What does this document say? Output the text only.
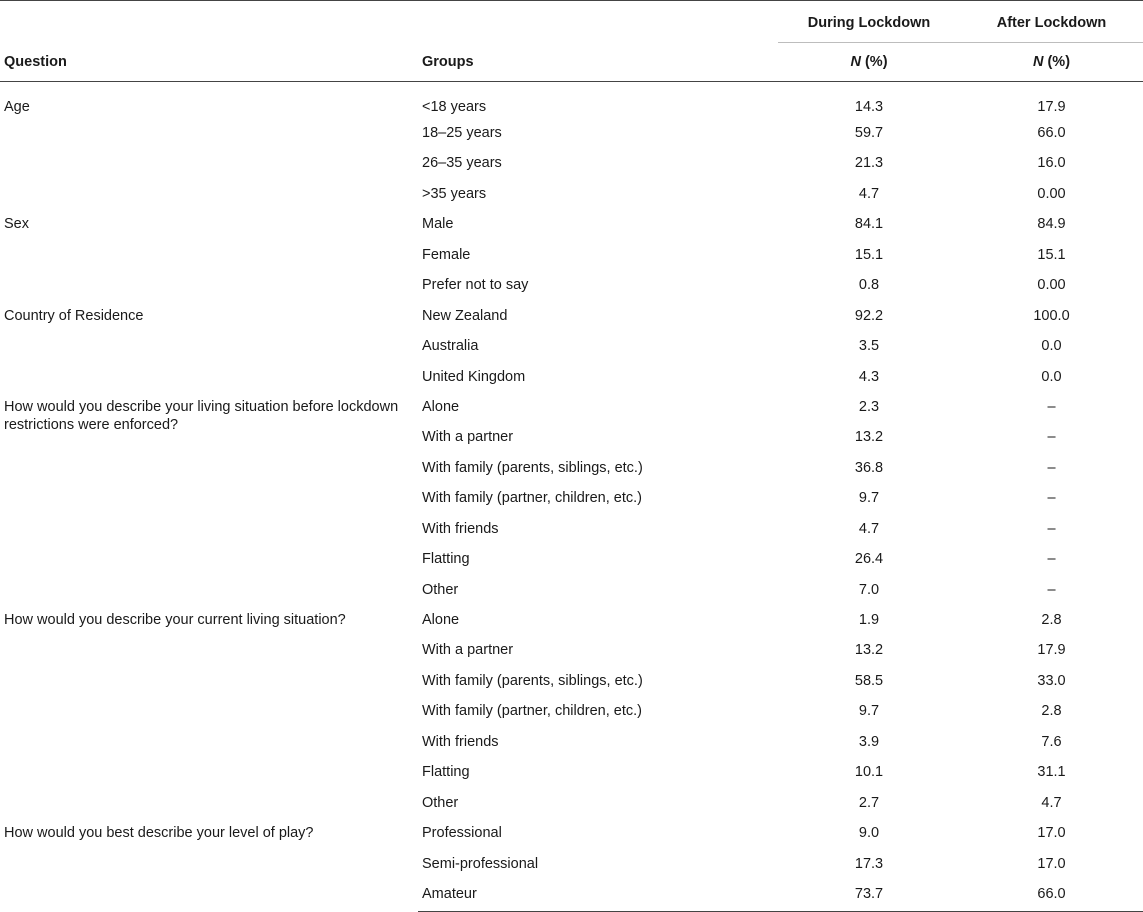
		During Lockdown	After Lockdown
Question	Groups	N (%)	N (%)
Age	<18 years	14.3	17.9
	18–25 years	59.7	66.0
	26–35 years	21.3	16.0
	>35 years	4.7	0.00
Sex	Male	84.1	84.9
	Female	15.1	15.1
	Prefer not to say	0.8	0.00
Country of Residence	New Zealand	92.2	100.0
	Australia	3.5	0.0
	United Kingdom	4.3	0.0
How would you describe your living situation before lockdown restrictions were enforced?	Alone	2.3	–
	With a partner	13.2	–
	With family (parents, siblings, etc.)	36.8	–
	With family (partner, children, etc.)	9.7	–
	With friends	4.7	–
	Flatting	26.4	–
	Other	7.0	–
How would you describe your current living situation?	Alone	1.9	2.8
	With a partner	13.2	17.9
	With family (parents, siblings, etc.)	58.5	33.0
	With family (partner, children, etc.)	9.7	2.8
	With friends	3.9	7.6
	Flatting	10.1	31.1
	Other	2.7	4.7
How would you best describe your level of play?	Professional	9.0	17.0
	Semi-professional	17.3	17.0
	Amateur	73.7	66.0
